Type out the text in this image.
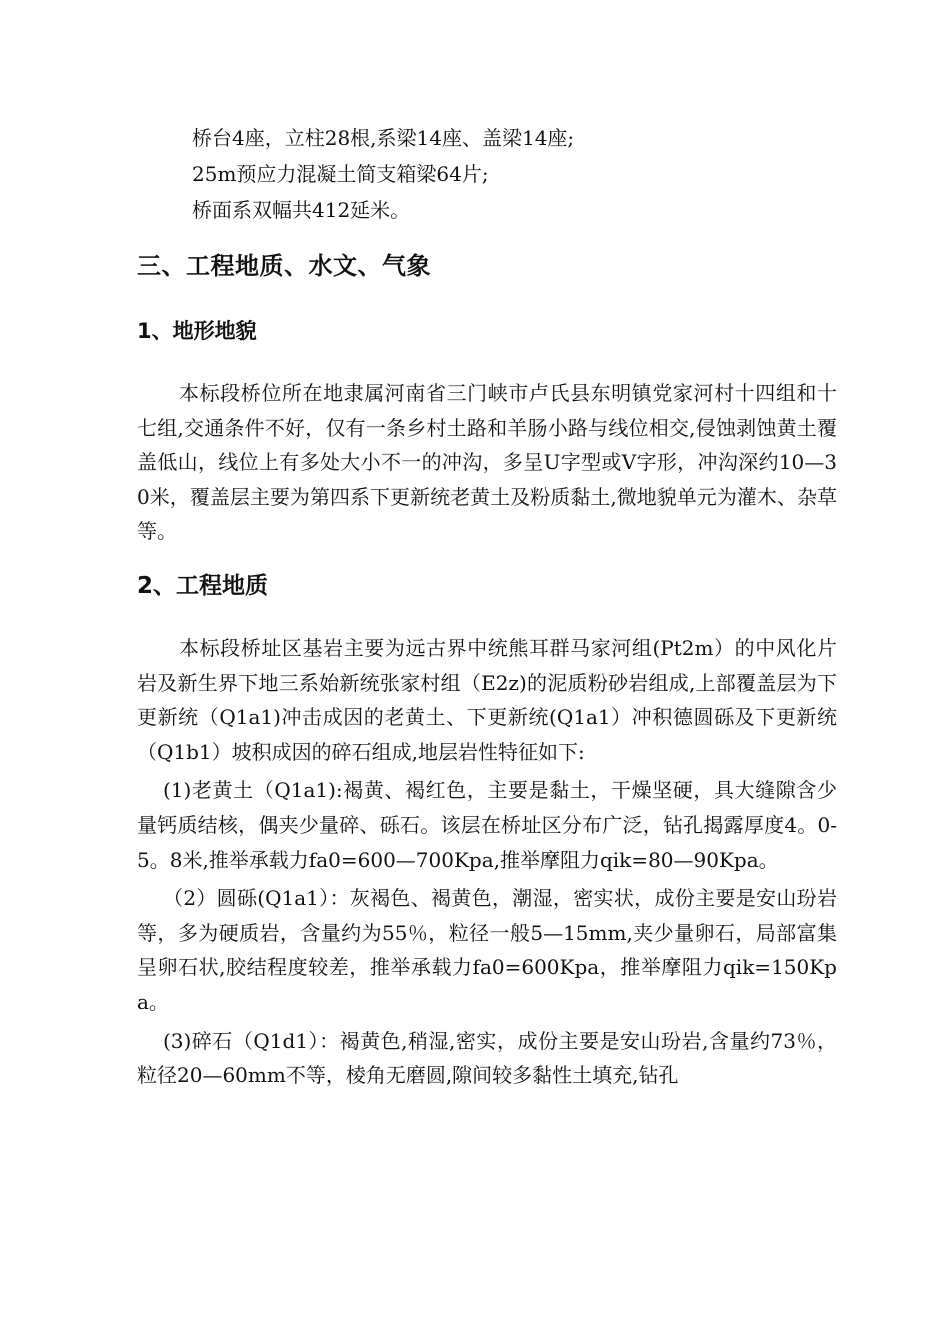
桥台4座，立柱28根,系梁14座、盖梁14座;

25m预应力混凝土简支箱梁64片;

桥面系双幅共412延米。

三、工程地质、水文、气象
1、地形地貌

本标段桥位所在地隶属河南省三门峡市卢氏县东明镇党家河村十四组和十七组,交通条件不好，仅有一条乡村土路和羊肠小路与线位相交,侵蚀剥蚀黄土覆盖低山，线位上有多处大小不一的冲沟，多呈U字型或V字形，冲沟深约10—30米，覆盖层主要为第四系下更新统老黄土及粉质黏土,微地貌单元为灌木、杂草等。

2、工程地质

本标段桥址区基岩主要为远古界中统熊耳群马家河组(Pt2m）的中风化片岩及新生界下地三系始新统张家村组（E2z)的泥质粉砂岩组成,上部覆盖层为下更新统（Q1a1)冲击成因的老黄土、下更新统(Q1a1）冲积德圆砾及下更新统（Q1b1）坡积成因的碎石组成,地层岩性特征如下:

(1)老黄土（Q1a1):褐黄、褐红色，主要是黏土，干燥坚硬，具大缝隙含少量钙质结核，偶夹少量碎、砾石。该层在桥址区分布广泛，钻孔揭露厚度4。0-5。8米,推举承载力fa0=600—700Kpa,推举摩阻力qik=80—90Kpa。

（2）圆砾(Q1a1）：灰褐色、褐黄色，潮湿，密实状，成份主要是安山玢岩等，多为硬质岩，含量约为55％，粒径一般5—15mm,夹少量卵石，局部富集呈卵石状,胶结程度较差，推举承载力fa0=600Kpa，推举摩阻力qik=150Kpa。

(3)碎石（Q1d1）：褐黄色,稍湿,密实，成份主要是安山玢岩,含量约73％，粒径20—60mm不等，棱角无磨圆,隙间较多黏性土填充,钻孔
